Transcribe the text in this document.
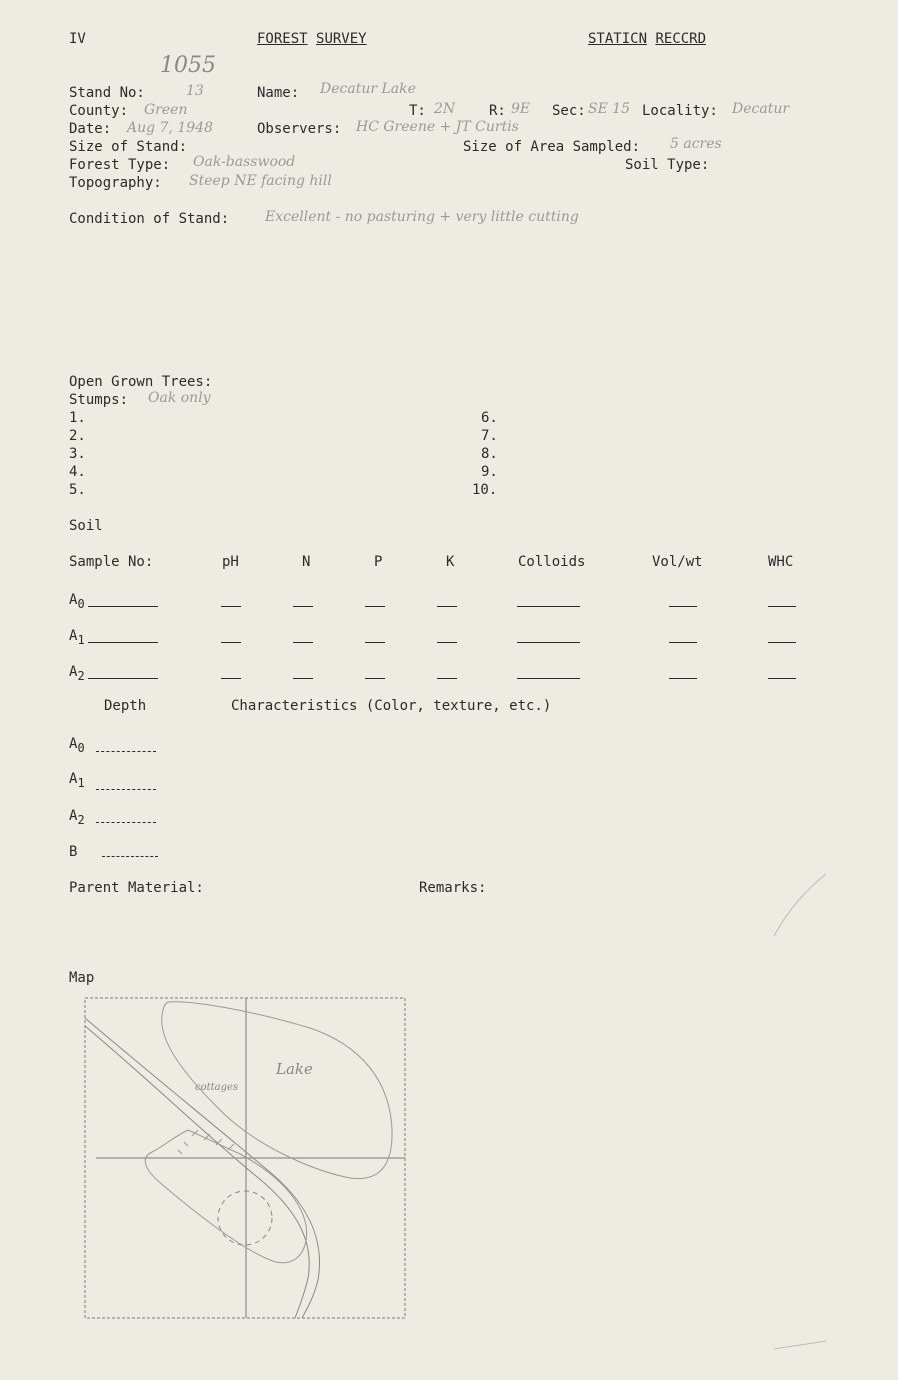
IV	FOREST SURVEY	STATICN RECCRD
1055
Stand No:	13	Name: Decatur Lake
County: Green	T: 2N R: 9E Sec: SE 15 Locality: Decatur
Date: Aug 7, 1948	Observers: HC Greene + JT Curtis
Size of Stand:	Size of Area Sampled: 5 acres
Forest Type: Oak-basswood	Soil Type:
Topography: Steep NE facing hill
Condition of Stand:	Excellent - no pasturing + very little cutting
Open Grown Trees:
Stumps: Oak only
1.
2.
3.
4.
5.
6.
7.
8.
9.
10.
Soil
Sample No:	pH	N	P	K	Colloids	Vol/wt	WHC
$A_0$
$A_1$
$A_2$
Depth	Characteristics (Color, texture, etc.)
$A_0$
$A_1$
$A_2$
B
Parent Material:	Remarks:
Map
Lake
cottages
